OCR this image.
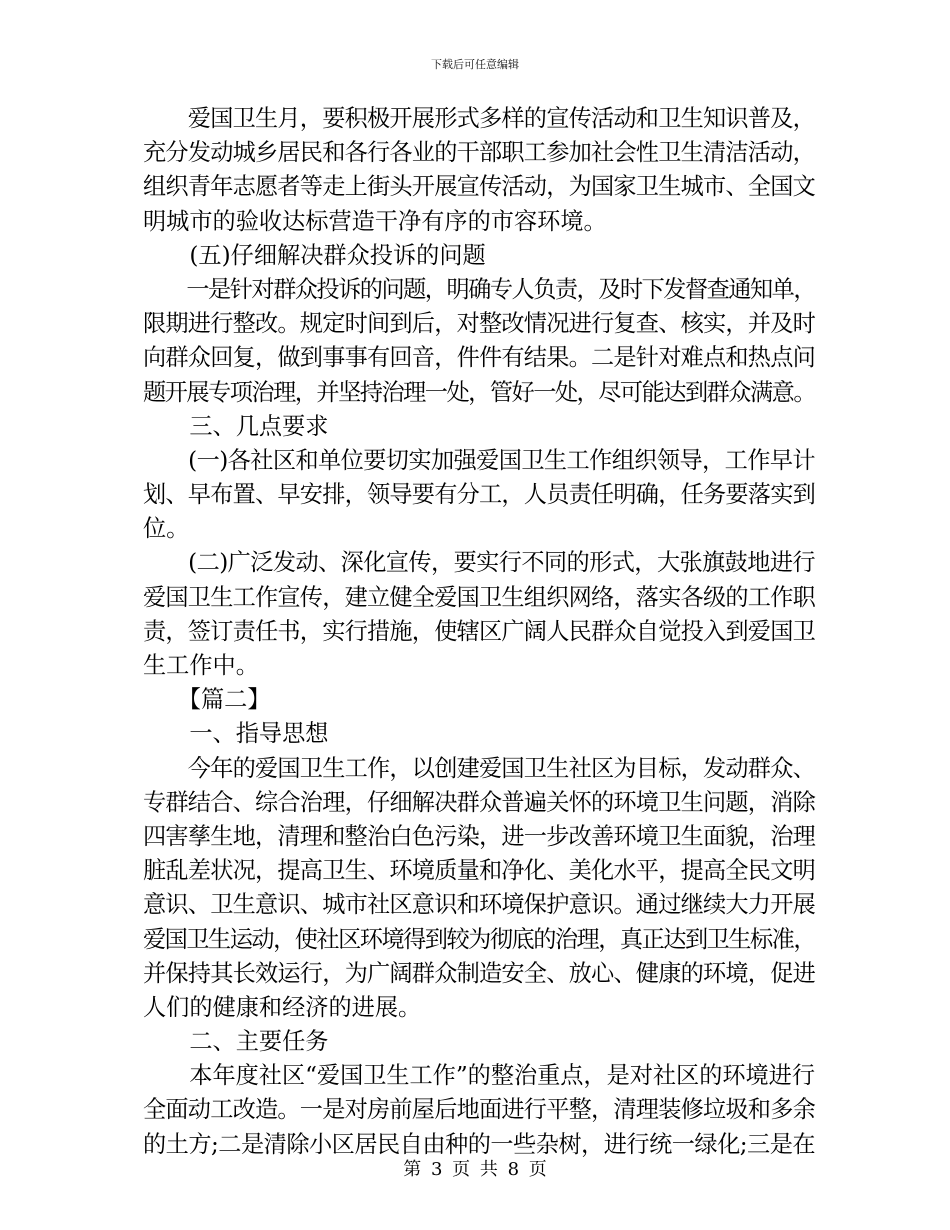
下载后可任意编辑
　　爱国卫生月，要积极开展形式多样的宣传活动和卫生知识普及，
充分发动城乡居民和各行各业的干部职工参加社会性卫生清洁活动，
组织青年志愿者等走上街头开展宣传活动，为国家卫生城市、全国文
明城市的验收达标营造干净有序的市容环境。
　　(五)仔细解决群众投诉的问题
　　一是针对群众投诉的问题，明确专人负责，及时下发督查通知单，
限期进行整改。规定时间到后，对整改情况进行复查、核实，并及时
向群众回复，做到事事有回音，件件有结果。二是针对难点和热点问
题开展专项治理，并坚持治理一处，管好一处，尽可能达到群众满意。
　　三、几点要求
　　(一)各社区和单位要切实加强爱国卫生工作组织领导，工作早计
划、早布置、早安排，领导要有分工，人员责任明确，任务要落实到
位。
　　(二)广泛发动、深化宣传，要实行不同的形式，大张旗鼓地进行
爱国卫生工作宣传，建立健全爱国卫生组织网络，落实各级的工作职
责，签订责任书，实行措施，使辖区广阔人民群众自觉投入到爱国卫
生工作中。
　　【篇二】
　　一、指导思想
　　今年的爱国卫生工作，以创建爱国卫生社区为目标，发动群众、
专群结合、综合治理，仔细解决群众普遍关怀的环境卫生问题，消除
四害孳生地，清理和整治白色污染，进一步改善环境卫生面貌，治理
脏乱差状况，提高卫生、环境质量和净化、美化水平，提高全民文明
意识、卫生意识、城市社区意识和环境保护意识。通过继续大力开展
爱国卫生运动，使社区环境得到较为彻底的治理，真正达到卫生标准，
并保持其长效运行，为广阔群众制造安全、放心、健康的环境，促进
人们的健康和经济的进展。
　　二、主要任务
　　本年度社区“爱国卫生工作”的整治重点，是对社区的环境进行
全面动工改造。一是对房前屋后地面进行平整，清理装修垃圾和多余
的土方;二是清除小区居民自由种的一些杂树，进行统一绿化;三是在
第 3 页 共 8 页
